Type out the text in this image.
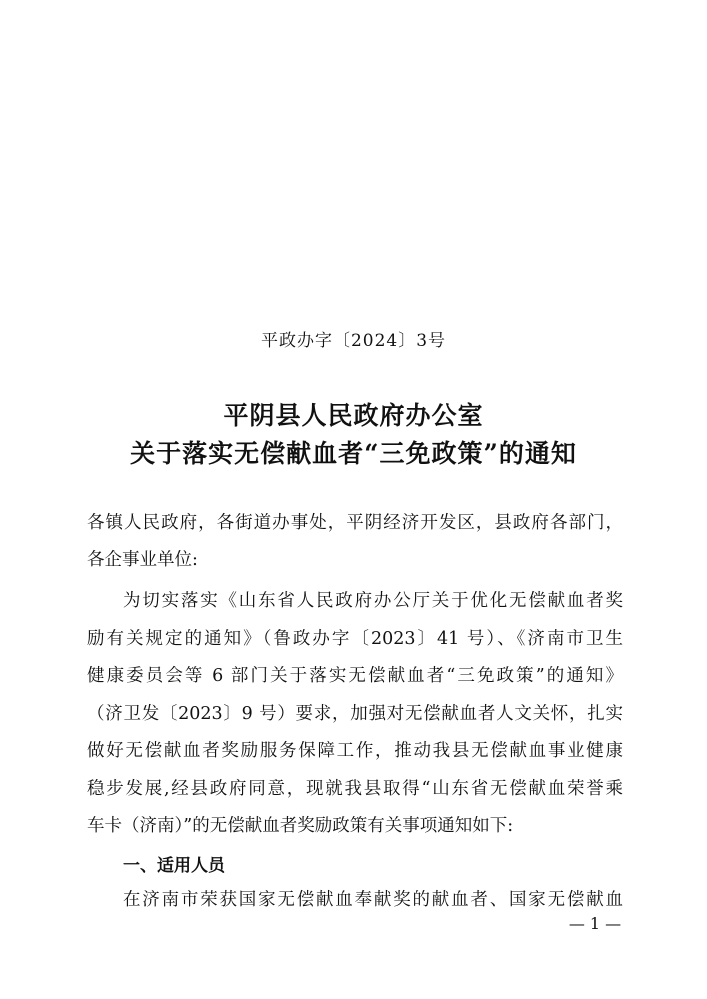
平政办字〔2024〕3号
平阴县人民政府办公室
关于落实无偿献血者“三免政策”的通知
各镇人民政府，各街道办事处，平阴经济开发区，县政府各部门，
各企事业单位:
为切实落实《山东省人民政府办公厅关于优化无偿献血者奖
励有关规定的通知》（鲁政办字〔2023〕41 号）、《济南市卫生
健康委员会等 6 部门关于落实无偿献血者“三免政策”的通知》
（济卫发〔2023〕9 号）要求，加强对无偿献血者人文关怀，扎实
做好无偿献血者奖励服务保障工作，推动我县无偿献血事业健康
稳步发展,经县政府同意，现就我县取得“山东省无偿献血荣誉乘
车卡（济南）”的无偿献血者奖励政策有关事项通知如下:
一、适用人员
在济南市荣获国家无偿献血奉献奖的献血者、国家无偿献血
— 1 —
